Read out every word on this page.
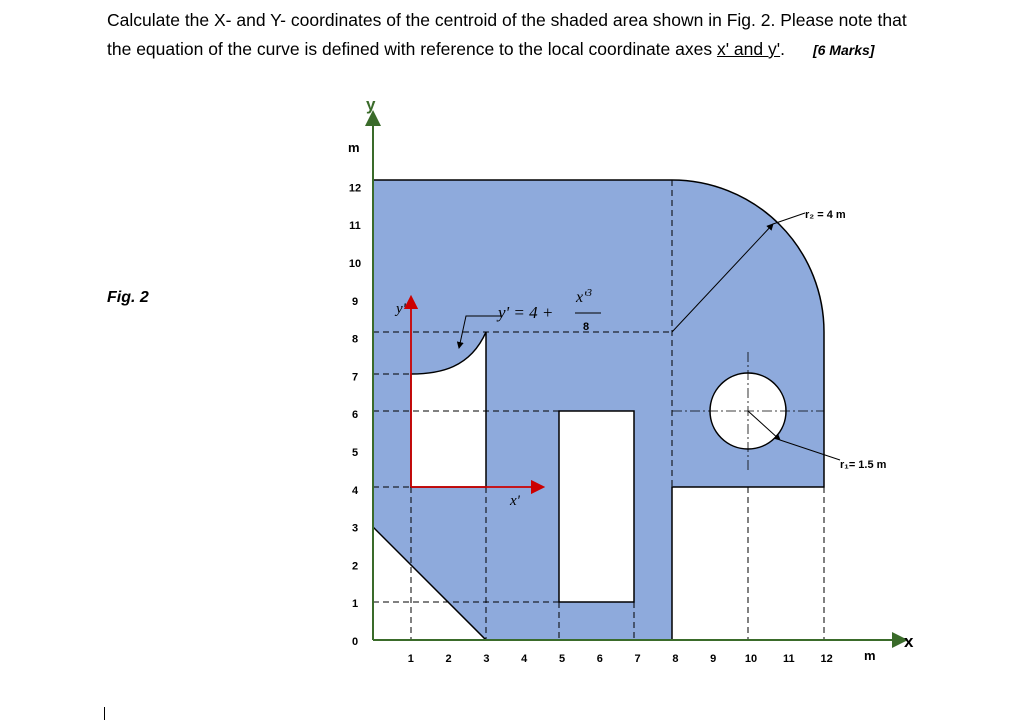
Calculate the X- and Y- coordinates of the centroid of the shaded area shown in Fig. 2. Please note that
the equation of the curve is defined with reference to the local coordinate axes x' and y'. [6 Marks]
Fig. 2
y
x
m
m
0
1
2
3
4
5
6
7
8
9
10
11
12
1	2	3	4	5	6	7	8	9	10 11 12
y'
x'
y' = 4 +
$x'^3$
8
r₂ = 4 m
r₁= 1.5 m
